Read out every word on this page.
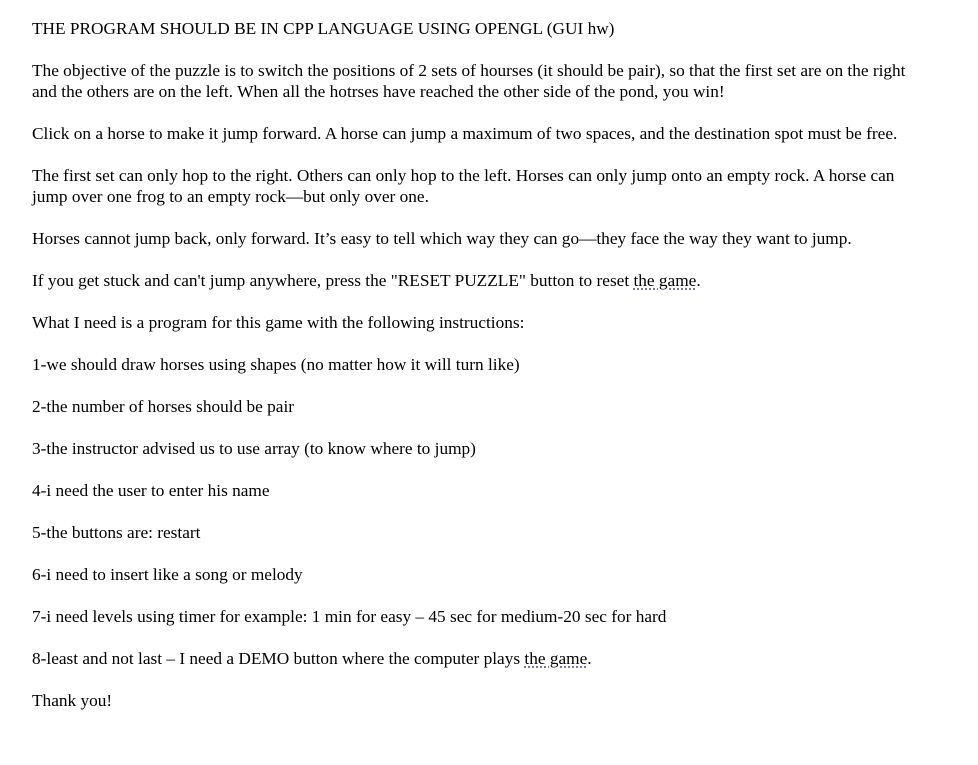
THE PROGRAM SHOULD BE IN CPP LANGUAGE USING OPENGL (GUI hw)

The objective of the puzzle is to switch the positions of 2 sets of hourses (it should be pair), so that the first set are on the right and the others are on the left. When all the hotrses have reached the other side of the pond, you win!

Click on a horse to make it jump forward. A horse can jump a maximum of two spaces, and the destination spot must be free.

The first set can only hop to the right. Others can only hop to the left. Horses can only jump onto an empty rock. A horse can jump over one frog to an empty rock—but only over one.

Horses cannot jump back, only forward. It’s easy to tell which way they can go—they face the way they want to jump.

If you get stuck and can't jump anywhere, press the "RESET PUZZLE" button to reset the game.

What I need is a program for this game with the following instructions:

1-we should draw horses using shapes (no matter how it will turn like)

2-the number of horses should be pair

3-the instructor advised us to use array (to know where to jump)

4-i need the user to enter his name

5-the buttons are: restart

6-i need to insert like a song or melody

7-i need levels using timer for example: 1 min for easy – 45 sec for medium-20 sec for hard

8-least and not last – I need a DEMO button where the computer plays the game.

Thank you!
